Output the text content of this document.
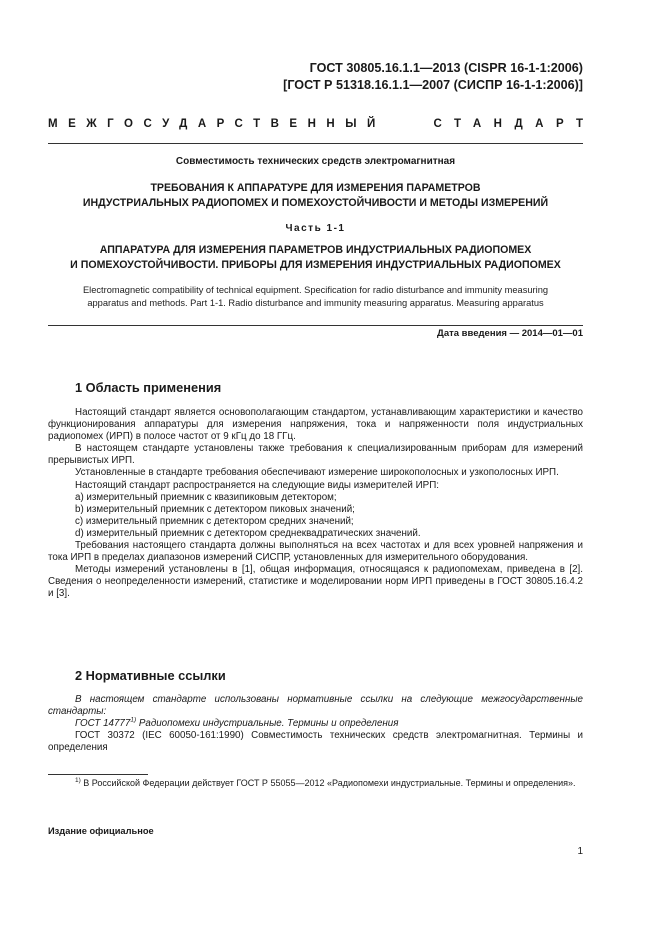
ГОСТ 30805.16.1.1—2013 (CISPR 16-1-1:2006)
[ГОСТ Р 51318.16.1.1—2007 (СИСПР 16-1-1:2006)]
МЕЖГОСУДАРСТВЕННЫЙ	СТАНДАРТ
Совместимость технических средств электромагнитная
ТРЕБОВАНИЯ К АППАРАТУРЕ ДЛЯ ИЗМЕРЕНИЯ ПАРАМЕТРОВ
ИНДУСТРИАЛЬНЫХ РАДИОПОМЕХ И ПОМЕХОУСТОЙЧИВОСТИ И МЕТОДЫ ИЗМЕРЕНИЙ
Часть 1-1
АППАРАТУРА ДЛЯ ИЗМЕРЕНИЯ ПАРАМЕТРОВ ИНДУСТРИАЛЬНЫХ РАДИОПОМЕХ
И ПОМЕХОУСТОЙЧИВОСТИ. ПРИБОРЫ ДЛЯ ИЗМЕРЕНИЯ ИНДУСТРИАЛЬНЫХ РАДИОПОМЕХ
Electromagnetic compatibility of technical equipment. Specification for radio disturbance and immunity measuring
apparatus and methods. Part 1-1. Radio disturbance and immunity measuring apparatus. Measuring apparatus
Дата введения — 2014—01—01
1 Область применения

Настоящий стандарт является основополагающим стандартом, устанавливающим характеристики и качество функционирования аппаратуры для измерения напряжения, тока и напряженности поля индустриальных радиопомех (ИРП) в полосе частот от 9 кГц до 18 ГГц.

В настоящем стандарте установлены также требования к специализированным приборам для измерений прерывистых ИРП.

Установленные в стандарте требования обеспечивают измерение широкополосных и узкополосных ИРП.

Настоящий стандарт распространяется на следующие виды измерителей ИРП:

а) измерительный приемник с квазипиковым детектором;

b) измерительный приемник с детектором пиковых значений;

с) измерительный приемник с детектором средних значений;

d) измерительный приемник с детектором среднеквадратических значений.

Требования настоящего стандарта должны выполняться на всех частотах и для всех уровней напряжения и тока ИРП в пределах диапазонов измерений СИСПР, установленных для измерительного оборудования.

Методы измерений установлены в [1], общая информация, относящаяся к радиопомехам, приведена в [2]. Сведения о неопределенности измерений, статистике и моделировании норм ИРП приведены в ГОСТ 30805.16.4.2 и [3].

2 Нормативные ссылки

В настоящем стандарте использованы нормативные ссылки на следующие межгосударственные стандарты:

ГОСТ 14777$^{1)}$ Радиопомехи индустриальные. Термины и определения

ГОСТ 30372 (IEC 60050-161:1990) Совместимость технических средств электромагнитная. Термины и определения

$^{1)}$ В Российской Федерации действует ГОСТ Р 55055—2012 «Радиопомехи индустриальные. Термины и определения».

Издание официальное
1
